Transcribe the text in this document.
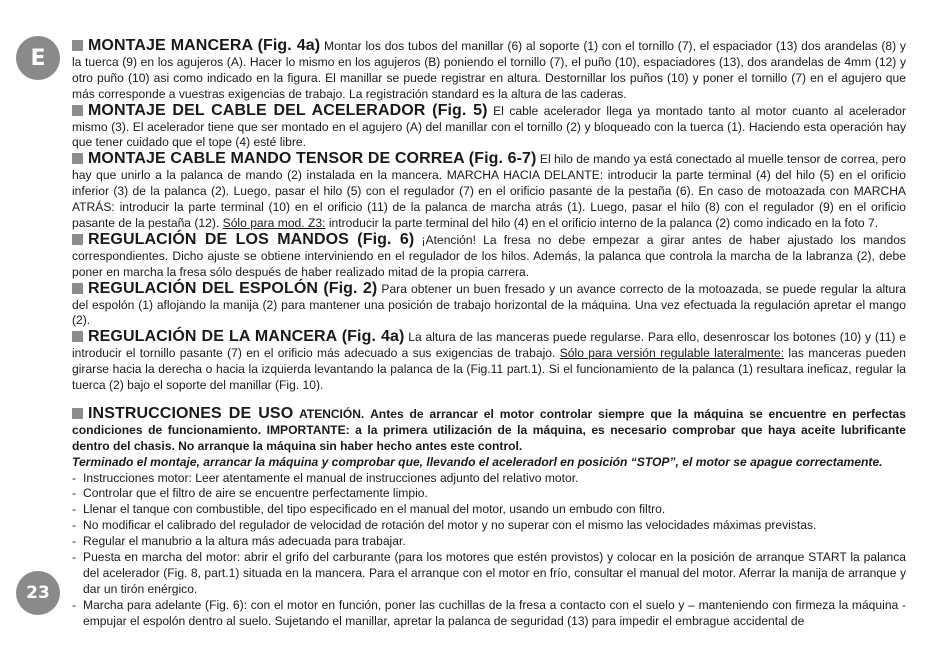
E
23

MONTAJE MANCERA (Fig. 4a) Montar los dos tubos del manillar (6) al soporte (1) con el tornillo (7), el espaciador (13) dos arandelas (8) y la tuerca (9) en los agujeros (A). Hacer lo mismo en los agujeros (B) poniendo el tornillo (7), el puño (10), espaciadores (13), dos arandelas de 4mm (12) y otro puño (10) asi como indicado en la figura. El manillar se puede registrar en altura. Destornillar los puños (10) y poner el tornillo (7) en el agujero que más corresponde a vuestras exigencias de trabajo. La registración standard es la altura de las caderas.

MONTAJE DEL CABLE DEL ACELERADOR (Fig. 5) El cable acelerador llega ya montado tanto al motor cuanto al acelerador mismo (3). El acelerador tiene que ser montado en el agujero (A) del manillar con el tornillo (2) y bloqueado con la tuerca (1). Haciendo esta operación hay que tener cuidado que el tope (4) esté libre.

MONTAJE CABLE MANDO TENSOR DE CORREA (Fig. 6-7) El hilo de mando ya está conectado al muelle tensor de correa, pero hay que unirlo a la palanca de mando (2) instalada en la mancera. MARCHA HACIA DELANTE: introducir la parte terminal (4) del hilo (5) en el orificio inferior (3) de la palanca (2). Luego, pasar el hilo (5) con el regulador (7) en el orificio pasante de la pestaña (6). En caso de motoazada con MARCHA ATRÁS: introducir la parte terminal (10) en el orificio (11) de la palanca de marcha atrás (1). Luego, pasar el hilo (8) con el regulador (9) en el orificio pasante de la pestaña (12). Sólo para mod. Z3: introducir la parte terminal del hilo (4) en el orificio interno de la palanca (2) como indicado en la foto 7.

REGULACIÓN DE LOS MANDOS (Fig. 6) ¡Atención! La fresa no debe empezar a girar antes de haber ajustado los mandos correspondientes. Dicho ajuste se obtiene interviniendo en el regulador de los hilos. Además, la palanca que controla la marcha de la labranza (2), debe poner en marcha la fresa sólo después de haber realizado mitad de la propia carrera.

REGULACIÓN DEL ESPOLÓN (Fig. 2) Para obtener un buen fresado y un avance correcto de la motoazada, se puede regular la altura del espolón (1) aflojando la manija (2) para mantener una posición de trabajo horizontal de la máquina. Una vez efectuada la regulación apretar el mango (2).

REGULACIÓN DE LA MANCERA (Fig. 4a) La altura de las manceras puede regularse. Para ello, desenroscar los botones (10) y (11) e introducir el tornillo pasante (7) en el orificio más adecuado a sus exigencias de trabajo. Sólo para versión regulable lateralmente: las manceras pueden girarse hacia la derecha o hacia la izquierda levantando la palanca de la (Fig.11 part.1). Si el funcionamiento de la palanca (1) resultara ineficaz, regular la tuerca (2) bajo el soporte del manillar (Fig. 10).

INSTRUCCIONES DE USO ATENCIÓN. Antes de arrancar el motor controlar siempre que la máquina se encuentre en perfectas condiciones de funcionamiento. IMPORTANTE: a la primera utilización de la máquina, es necesario comprobar que haya aceite lubrificante dentro del chasis. No arranque la máquina sin haber hecho antes este control.

Terminado el montaje, arrancar la máquina y comprobar que, llevando el aceleradorl en posición “STOP”, el motor se apague correctamente.

- Instrucciones motor: Leer atentamente el manual de instrucciones adjunto del relativo motor.
- Controlar que el filtro de aire se encuentre perfectamente limpio.
- Llenar el tanque con combustible, del tipo especificado en el manual del motor, usando un embudo con filtro.
- No modificar el calibrado del regulador de velocidad de rotación del motor y no superar con el mismo las velocidades máximas previstas.
- Regular el manubrio a la altura más adecuada para trabajar.
- Puesta en marcha del motor: abrir el grifo del carburante (para los motores que estén provistos) y colocar en la posición de arranque START la palanca del acelerador (Fig. 8, part.1) situada en la mancera. Para el arranque con el motor en frío, consultar el manual del motor. Aferrar la manija de arranque y dar un tirón enérgico.
- Marcha para adelante (Fig. 6): con el motor en función, poner las cuchillas de la fresa a contacto con el suelo y – manteniendo con firmeza la máquina - empujar el espolón dentro al suelo. Sujetando el manillar, apretar la palanca de seguridad (13) para impedir el embrague accidental de
